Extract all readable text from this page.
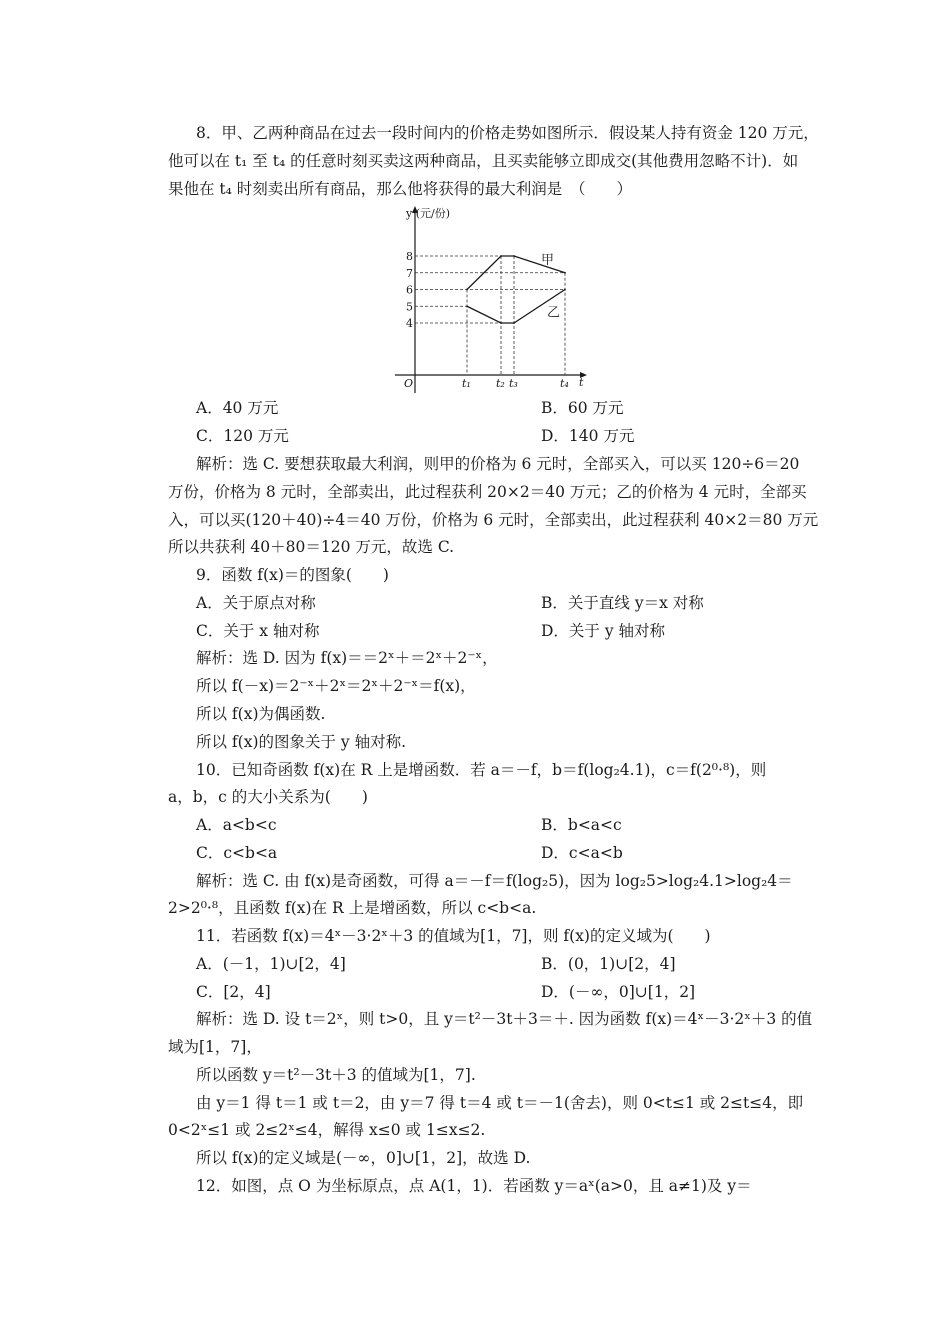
8．甲、乙两种商品在过去一段时间内的价格走势如图所示．假设某人持有资金 120 万元，
他可以在 t₁ 至 t₄ 的任意时刻买卖这两种商品，且买卖能够立即成交(其他费用忽略不计)．如
果他在 t₄ 时刻卖出所有商品，那么他将获得的最大利润是　（　　）
甲
乙
4
5
6
7
8
y (元/份)
t₁ t₂ t₃	t₄ t
O
A．40 万元	B．60 万元
C．120 万元	D．140 万元
解析：选 C. 要想获取最大利润，则甲的价格为 6 元时，全部买入，可以买 120÷6＝20
万份，价格为 8 元时，全部卖出，此过程获利 20×2＝40 万元；乙的价格为 4 元时，全部买
入，可以买(120＋40)÷4＝40 万份，价格为 6 元时，全部卖出，此过程获利 40×2＝80 万元
所以共获利 40＋80＝120 万元，故选 C.
9．函数 f(x)＝的图象(　　)
A．关于原点对称	B．关于直线 y＝x 对称
C．关于 x 轴对称	D．关于 y 轴对称
解析：选 D. 因为 f(x)＝＝2ˣ＋＝2ˣ＋2⁻ˣ，
所以 f(－x)＝2⁻ˣ＋2ˣ＝2ˣ＋2⁻ˣ＝f(x)，
所以 f(x)为偶函数.
所以 f(x)的图象关于 y 轴对称.
10．已知奇函数 f(x)在 R 上是增函数．若 a＝－f，b＝f(log₂4.1)，c＝f(2⁰·⁸)，则
a，b，c 的大小关系为(　　)
A．a<b<c	B．b<a<c
C．c<b<a	D．c<a<b
解析：选 C. 由 f(x)是奇函数，可得 a＝－f＝f(log₂5)，因为 log₂5>log₂4.1>log₂4＝
2>2⁰·⁸，且函数 f(x)在 R 上是增函数，所以 c<b<a.
11．若函数 f(x)＝4ˣ－3·2ˣ＋3 的值域为[1，7]，则 f(x)的定义域为(　　)
A．(－1，1)∪[2，4]	B．(0，1)∪[2，4]
C．[2，4]	D．(－∞，0]∪[1，2]
解析：选 D. 设 t＝2ˣ，则 t>0，且 y＝t²－3t＋3＝＋. 因为函数 f(x)＝4ˣ－3·2ˣ＋3 的值
域为[1，7]，
所以函数 y＝t²－3t＋3 的值域为[1，7].
由 y＝1 得 t＝1 或 t＝2，由 y＝7 得 t＝4 或 t＝－1(舍去)，则 0<t≤1 或 2≤t≤4，即
0<2ˣ≤1 或 2≤2ˣ≤4，解得 x≤0 或 1≤x≤2.
所以 f(x)的定义域是(－∞，0]∪[1，2]，故选 D.
12．如图，点 O 为坐标原点，点 A(1，1)．若函数 y＝aˣ(a>0，且 a≠1)及 y＝
